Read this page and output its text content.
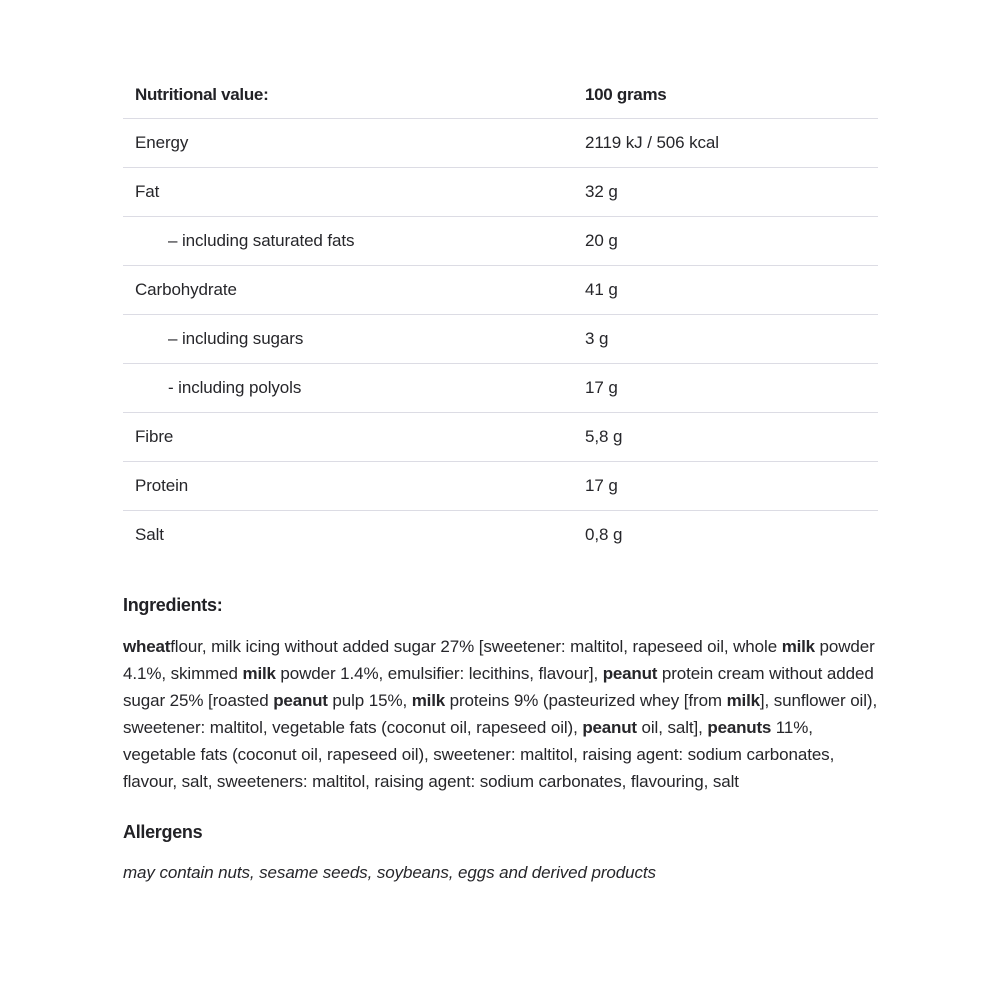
Nutritional value:	100 grams
Energy	2119 kJ / 506 kcal
Fat	32 g
– including saturated fats	20 g
Carbohydrate	41 g
– including sugars	3 g
- including polyols	17 g
Fibre	5,8 g
Protein	17 g
Salt	0,8 g
Ingredients:

wheatflour, milk icing without added sugar 27% [sweetener: maltitol, rapeseed oil, whole milk powder 4.1%, skimmed milk powder 1.4%, emulsifier: lecithins, flavour], peanut protein cream without added sugar 25% [roasted peanut pulp 15%, milk proteins 9% (pasteurized whey [from milk], sunflower oil), sweetener: maltitol, vegetable fats (coconut oil, rapeseed oil), peanut oil, salt], peanuts 11%, vegetable fats (coconut oil, rapeseed oil), sweetener: maltitol, raising agent: sodium carbonates, flavour, salt, sweeteners: maltitol, raising agent: sodium carbonates, flavouring, salt

Allergens

may contain nuts, sesame seeds, soybeans, eggs and derived products
